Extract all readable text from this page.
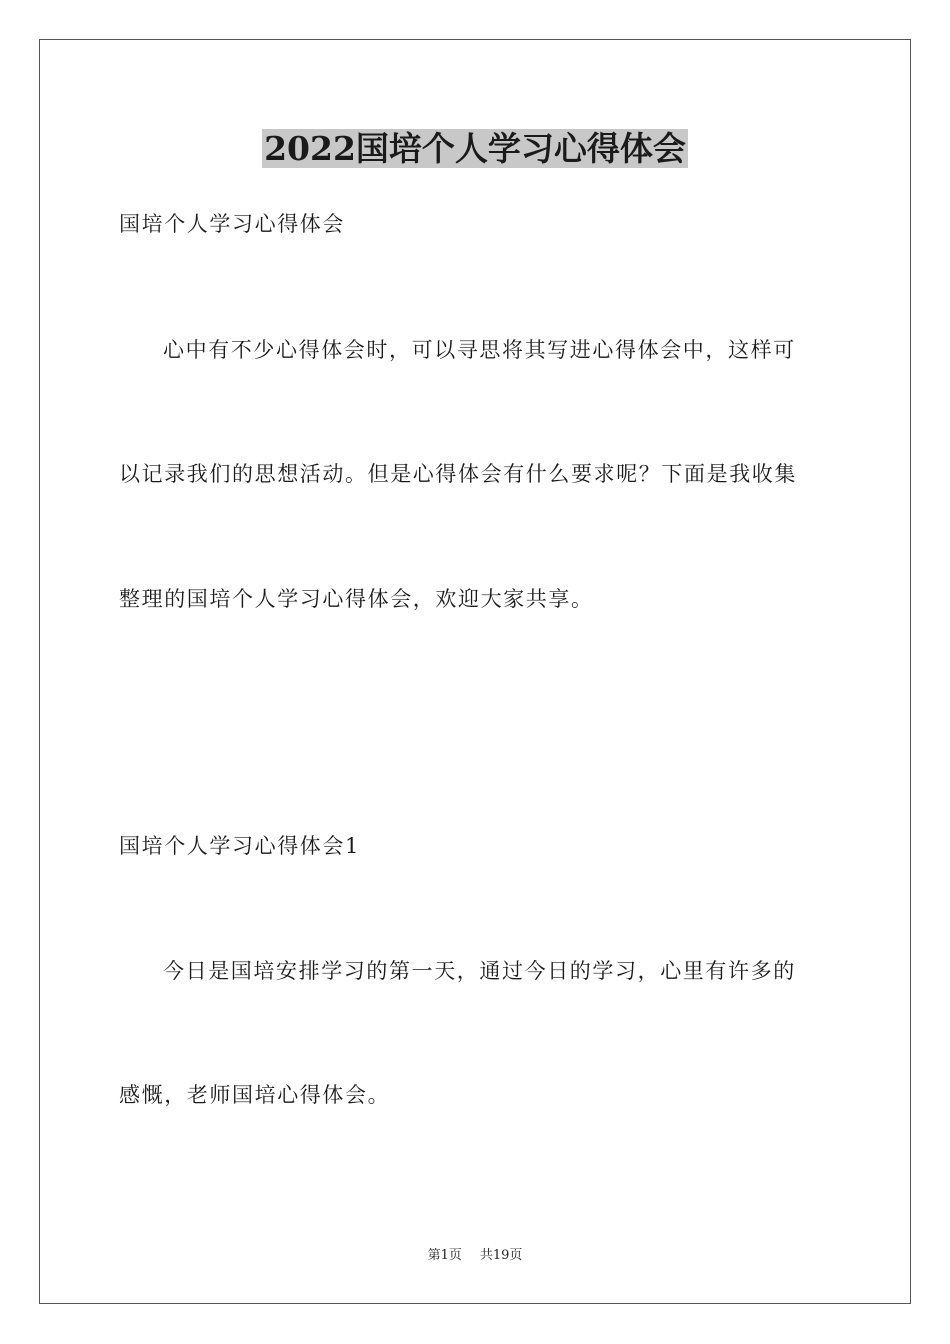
2022国培个人学习心得体会
国培个人学习心得体会
心中有不少心得体会时，可以寻思将其写进心得体会中，这样可
以记录我们的思想活动。但是心得体会有什么要求呢？下面是我收集
整理的国培个人学习心得体会，欢迎大家共享。
国培个人学习心得体会1
今日是国培安排学习的第一天，通过今日的学习，心里有许多的
感慨，老师国培心得体会。
第1页 共19页
